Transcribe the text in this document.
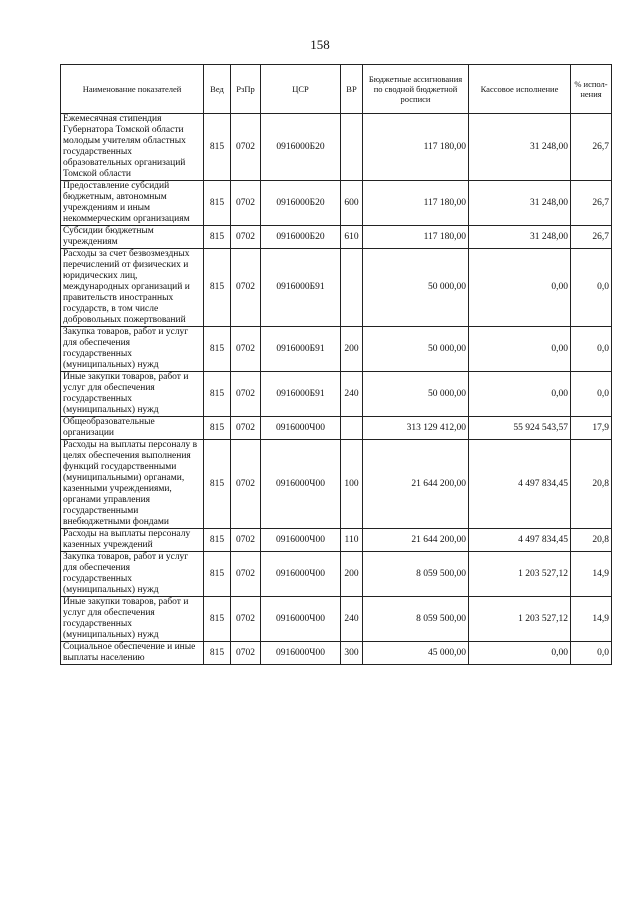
158
Наименование показателей	Вед	РзПр	ЦСР	ВР	Бюджетные ассигнования по сводной бюджетной росписи	Кассовое исполнение	% испол-нения
Ежемесячная стипендия Губернатора Томской области молодым учителям областных государственных образовательных организаций Томской области	815	0702	0916000Б20		117 180,00	31 248,00	26,7
Предоставление субсидий бюджетным, автономным учреждениям и иным некоммерческим организациям	815	0702	0916000Б20	600	117 180,00	31 248,00	26,7
Субсидии бюджетным учреждениям	815	0702	0916000Б20	610	117 180,00	31 248,00	26,7
Расходы за счет безвозмездных перечислений от физических и юридических лиц, международных организаций и правительств иностранных государств, в том числе добровольных пожертвований	815	0702	0916000Б91		50 000,00	0,00	0,0
Закупка товаров, работ и услуг для обеспечения государственных (муниципальных) нужд	815	0702	0916000Б91	200	50 000,00	0,00	0,0
Иные закупки товаров, работ и услуг для обеспечения государственных (муниципальных) нужд	815	0702	0916000Б91	240	50 000,00	0,00	0,0
Общеобразовательные организации	815	0702	0916000Ч00		313 129 412,00	55 924 543,57	17,9
Расходы на выплаты персоналу в целях обеспечения выполнения функций государственными (муниципальными) органами, казенными учреждениями, органами управления государственными внебюджетными фондами	815	0702	0916000Ч00	100	21 644 200,00	4 497 834,45	20,8
Расходы на выплаты персоналу казенных учреждений	815	0702	0916000Ч00	110	21 644 200,00	4 497 834,45	20,8
Закупка товаров, работ и услуг для обеспечения государственных (муниципальных) нужд	815	0702	0916000Ч00	200	8 059 500,00	1 203 527,12	14,9
Иные закупки товаров, работ и услуг для обеспечения государственных (муниципальных) нужд	815	0702	0916000Ч00	240	8 059 500,00	1 203 527,12	14,9
Социальное обеспечение и иные выплаты населению	815	0702	0916000Ч00	300	45 000,00	0,00	0,0
